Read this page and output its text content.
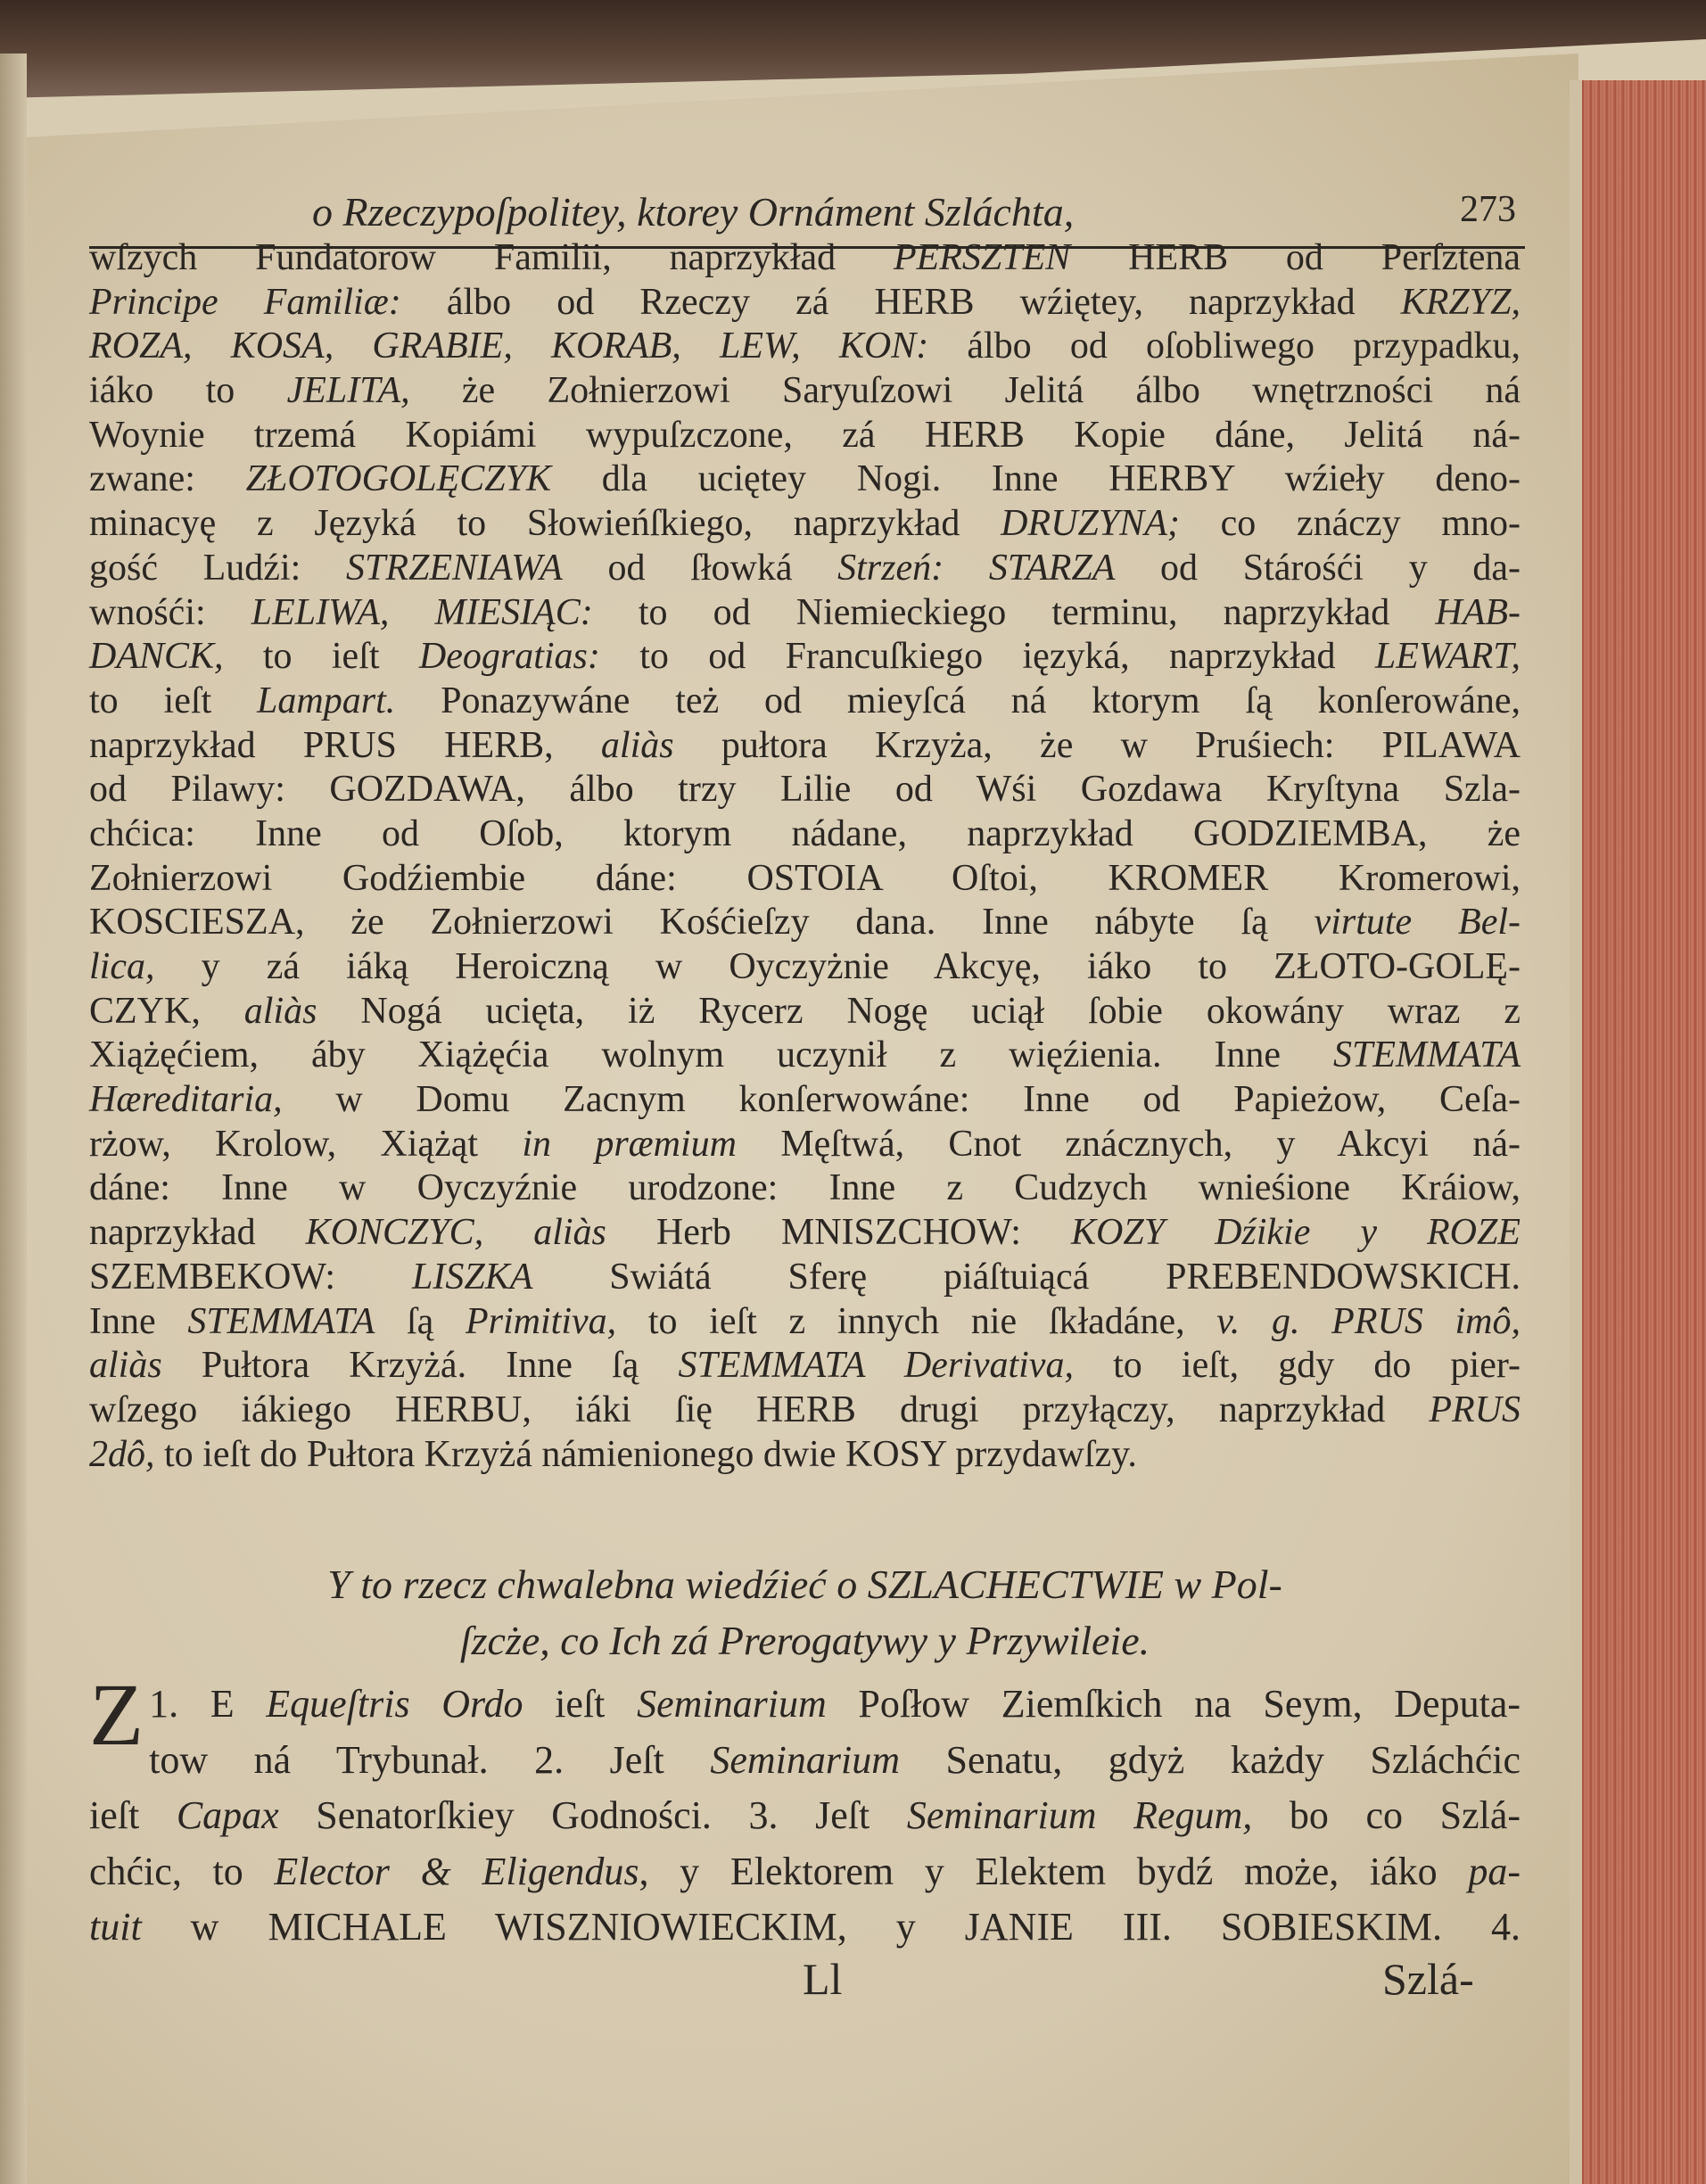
o Rzeczypoſpolitey, ktorey Ornáment Szláchta,	273
wſzych Fundatorow Familii, naprzykład PERSZTEN HERB od Perſztena
Principe Familiæ: álbo od Rzeczy zá HERB wźiętey, naprzykład KRZYZ,
ROZA, KOSA, GRABIE, KORAB, LEW, KON: álbo od oſobliwego przypadku,
iáko to JELITA, że Zołnierzowi Saryuſzowi Jelitá álbo wnętrzności ná
Woynie trzemá Kopiámi wypuſzczone, zá HERB Kopie dáne, Jelitá ná-
zwane: ZŁOTOGOLĘCZYK dla uciętey Nogi. Inne HERBY wźieły deno-
minacyę z Języká to Słowieńſkiego, naprzykład DRUZYNA; co znáczy mno-
gość Ludźi: STRZENIAWA od ſłowká Strzeń: STARZA od Stárośći y da-
wnośći: LELIWA, MIESIĄC: to od Niemieckiego terminu, naprzykład HAB-
DANCK, to ieſt Deogratias: to od Francuſkiego ięzyká, naprzykład LEWART,
to ieſt Lampart. Ponazywáne też od mieyſcá ná ktorym ſą konſerowáne,
naprzykład PRUS HERB, aliàs pułtora Krzyża, że w Pruśiech: PILAWA
od Pilawy: GOZDAWA, álbo trzy Lilie od Wśi Gozdawa Kryſtyna Szla-
chćica: Inne od Oſob, ktorym nádane, naprzykład GODZIEMBA, że
Zołnierzowi Godźiembie dáne: OSTOIA Oſtoi, KROMER Kromerowi,
KOSCIESZA, że Zołnierzowi Kośćieſzy dana. Inne nábyte ſą virtute Bel-
lica, y zá iáką Heroiczną w Oyczyżnie Akcyę, iáko to ZŁOTO-GOLĘ-
CZYK, aliàs Nogá ucięta, iż Rycerz Nogę uciął ſobie okowány wraz z
Xiążęćiem, áby Xiążęćia wolnym uczynił z więźienia. Inne STEMMATA
Hæreditaria, w Domu Zacnym konſerwowáne: Inne od Papieżow, Ceſa-
rżow, Krolow, Xiążąt in præmium Męſtwá, Cnot znácznych, y Akcyi ná-
dáne: Inne w Oyczyźnie urodzone: Inne z Cudzych wnieśione Kráiow,
naprzykład KONCZYC, aliàs Herb MNISZCHOW: KOZY Dźikie y ROZE
SZEMBEKOW: LISZKA Swiátá Sferę piáſtuiącá PREBENDOWSKICH.
Inne STEMMATA ſą Primitiva, to ieſt z innych nie ſkładáne, v. g. PRUS imô,
aliàs Pułtora Krzyżá. Inne ſą STEMMATA Derivativa, to ieſt, gdy do pier-
wſzego iákiego HERBU, iáki ſię HERB drugi przyłączy, naprzykład PRUS
2dô, to ieſt do Pułtora Krzyżá námienionego dwie KOSY przydawſzy.
Y to rzecz chwalebna wiedźieć o SZLACHECTWIE w Pol-
ſzcże, co Ich zá Prerogatywy y Przywileie.
Z 1. E Equeſtris Ordo ieſt Seminarium Poſłow Ziemſkich na Seym, Deputa-
tow ná Trybunał. 2. Jeſt Seminarium Senatu, gdyż każdy Szláchćic
ieſt Capax Senatorſkiey Godności. 3. Jeſt Seminarium Regum, bo co Szlá-
chćic, to Elector & Eligendus, y Elektorem y Elektem bydź może, iáko pa-
tuit w MICHALE WISZNIOWIECKIM, y JANIE III. SOBIESKIM. 4.
Ll	Szlá-
